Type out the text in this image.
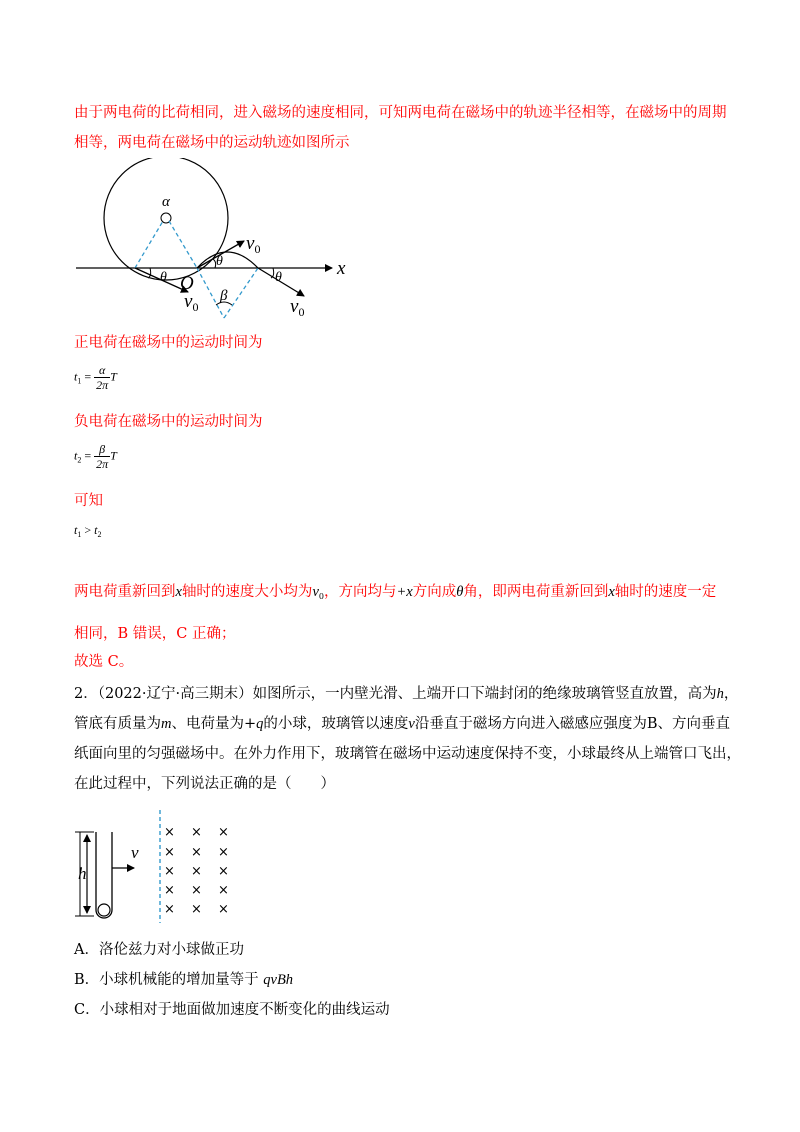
由于两电荷的比荷相同，进入磁场的速度相同，可知两电荷在磁场中的轨迹半径相等，在磁场中的周期相等，两电荷在磁场中的运动轨迹如图所示
α
β
θ
θ
θ
O
x
$v_0$
$v_0$	$v_0$
正电荷在磁场中的运动时间为
$t_1 = \frac{\alpha}{2\pi}$ T
负电荷在磁场中的运动时间为
$t_2 = \frac{\beta}{2\pi}$ T
可知
$t_1 > t_2$
两电荷重新回到x轴时的速度大小均为$v_0$，方向均与+x方向成θ角，即两电荷重新回到x轴时的速度一定
相同，B 错误，C 正确；
故选 C。
2．（2022·辽宁·高三期末）如图所示，一内壁光滑、上端开口下端封闭的绝缘玻璃管竖直放置，高为h，
管底有质量为m、电荷量为+q的小球，玻璃管以速度v沿垂直于磁场方向进入磁感应强度为B、方向垂直
纸面向里的匀强磁场中。在外力作用下，玻璃管在磁场中运动速度保持不变，小球最终从上端管口飞出，
在此过程中，下列说法正确的是（　　）
h
v
× × ×
× × ×
× × ×
× × ×
× × ×
A．洛伦兹力对小球做正功
B．小球机械能的增加量等于 qvBh
C．小球相对于地面做加速度不断变化的曲线运动
